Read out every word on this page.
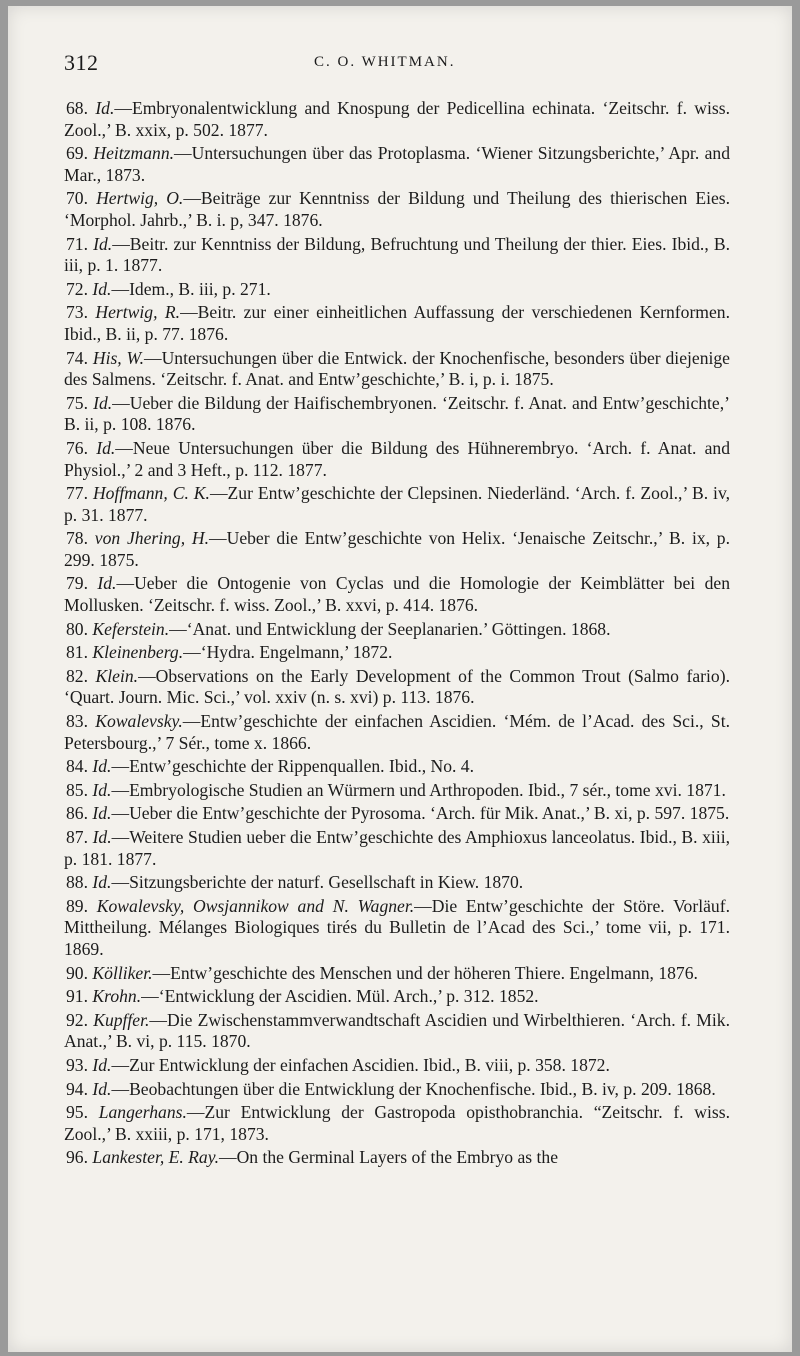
312	C. O. WHITMAN.

68. Id.—Embryonalentwicklung and Knospung der Pedicellina echinata. ‘Zeitschr. f. wiss. Zool.,’ B. xxix, p. 502. 1877.

69. Heitzmann.—Untersuchungen über das Protoplasma. ‘Wiener Sitzungsberichte,’ Apr. and Mar., 1873.

70. Hertwig, O.—Beiträge zur Kenntniss der Bildung und Theilung des thierischen Eies. ‘Morphol. Jahrb.,’ B. i. p, 347. 1876.

71. Id.—Beitr. zur Kenntniss der Bildung, Befruchtung und Theilung der thier. Eies. Ibid., B. iii, p. 1. 1877.

72. Id.—Idem., B. iii, p. 271.

73. Hertwig, R.—Beitr. zur einer einheitlichen Auffassung der verschiedenen Kernformen. Ibid., B. ii, p. 77. 1876.

74. His, W.—Untersuchungen über die Entwick. der Knochenfische, besonders über diejenige des Salmens. ‘Zeitschr. f. Anat. and Entw’geschichte,’ B. i, p. i. 1875.

75. Id.—Ueber die Bildung der Haifischembryonen. ‘Zeitschr. f. Anat. and Entw’geschichte,’ B. ii, p. 108. 1876.

76. Id.—Neue Untersuchungen über die Bildung des Hühnerembryo. ‘Arch. f. Anat. and Physiol.,’ 2 and 3 Heft., p. 112. 1877.

77. Hoffmann, C. K.—Zur Entw’geschichte der Clepsinen. Niederländ. ‘Arch. f. Zool.,’ B. iv, p. 31. 1877.

78. von Jhering, H.—Ueber die Entw’geschichte von Helix. ‘Jenaische Zeitschr.,’ B. ix, p. 299. 1875.

79. Id.—Ueber die Ontogenie von Cyclas und die Homologie der Keimblätter bei den Mollusken. ‘Zeitschr. f. wiss. Zool.,’ B. xxvi, p. 414. 1876.

80. Keferstein.—‘Anat. und Entwicklung der Seeplanarien.’ Göttingen. 1868.

81. Kleinenberg.—‘Hydra. Engelmann,’ 1872.

82. Klein.—Observations on the Early Development of the Common Trout (Salmo fario). ‘Quart. Journ. Mic. Sci.,’ vol. xxiv (n. s. xvi) p. 113. 1876.

83. Kowalevsky.—Entw’geschichte der einfachen Ascidien. ‘Mém. de l’Acad. des Sci., St. Petersbourg.,’ 7 Sér., tome x. 1866.

84. Id.—Entw’geschichte der Rippenquallen. Ibid., No. 4.

85. Id.—Embryologische Studien an Würmern und Arthropoden. Ibid., 7 sér., tome xvi. 1871.

86. Id.—Ueber die Entw’geschichte der Pyrosoma. ‘Arch. für Mik. Anat.,’ B. xi, p. 597. 1875.

87. Id.—Weitere Studien ueber die Entw’geschichte des Amphioxus lanceolatus. Ibid., B. xiii, p. 181. 1877.

88. Id.—Sitzungsberichte der naturf. Gesellschaft in Kiew. 1870.

89. Kowalevsky, Owsjannikow and N. Wagner.—Die Entw’geschichte der Störe. Vorläuf. Mittheilung. Mélanges Biologiques tirés du Bulletin de l’Acad des Sci.,’ tome vii, p. 171. 1869.

90. Kölliker.—Entw’geschichte des Menschen und der höheren Thiere. Engelmann, 1876.

91. Krohn.—‘Entwicklung der Ascidien. Mül. Arch.,’ p. 312. 1852.

92. Kupffer.—Die Zwischenstammverwandtschaft Ascidien und Wirbelthieren. ‘Arch. f. Mik. Anat.,’ B. vi, p. 115. 1870.

93. Id.—Zur Entwicklung der einfachen Ascidien. Ibid., B. viii, p. 358. 1872.

94. Id.—Beobachtungen über die Entwicklung der Knochenfische. Ibid., B. iv, p. 209. 1868.

95. Langerhans.—Zur Entwicklung der Gastropoda opisthobranchia. “Zeitschr. f. wiss. Zool.,’ B. xxiii, p. 171, 1873.

96. Lankester, E. Ray.—On the Germinal Layers of the Embryo as the
